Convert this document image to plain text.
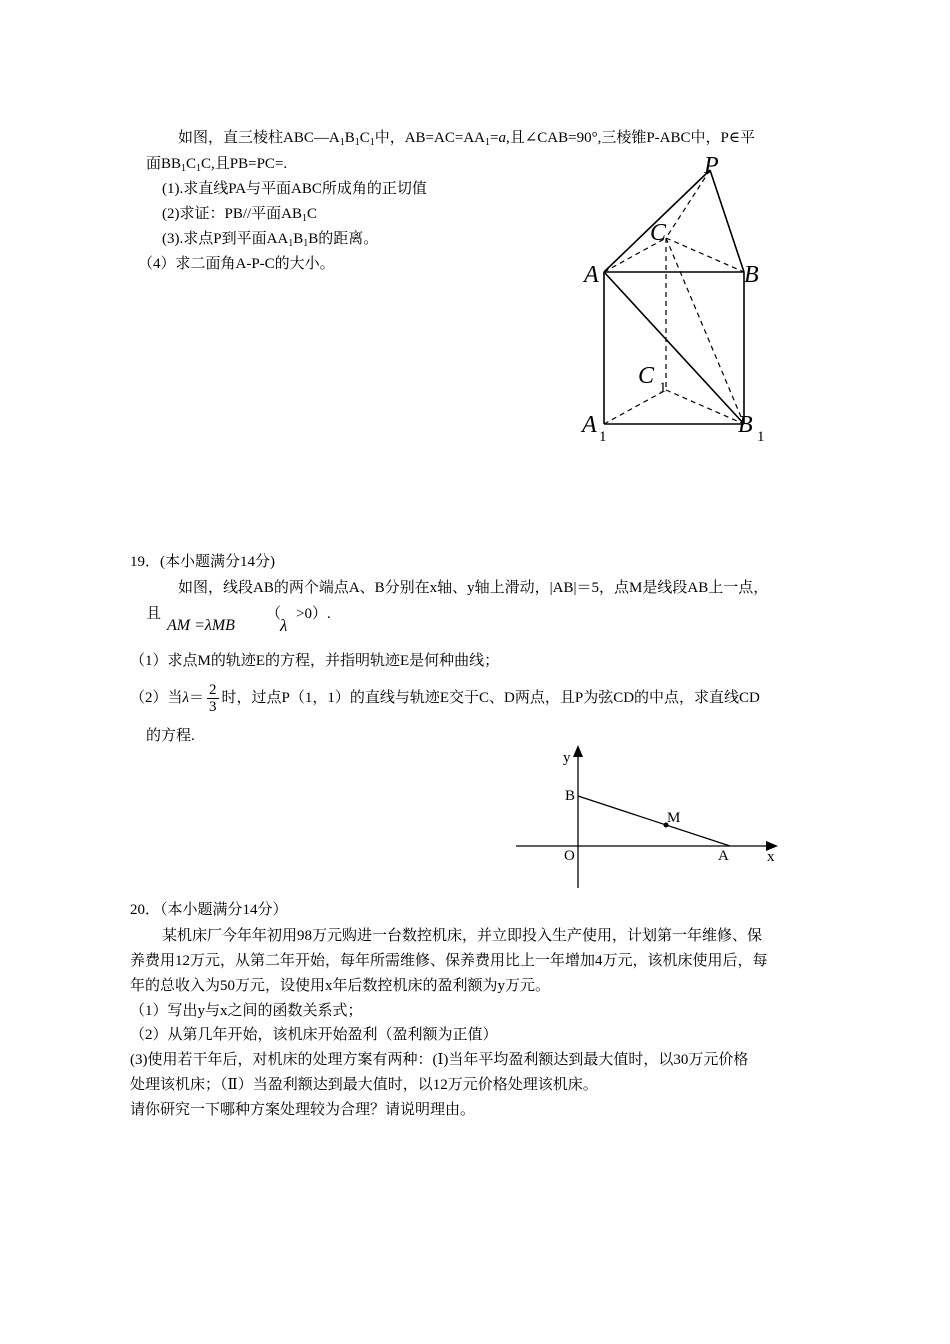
如图，直三棱柱$ABC—A_1B_1C_1$中，$AB=AC=AA_1=a$,且∠CAB=90°,三棱锥P-ABC中，P∈平
面$BB_1C_1C$,且PB=PC=.
(1).求直线PA与平面ABC所成角的正切值
(2)求证：PB//平面$AB_1C$
(3).求点P到平面$AA_1B_1B$的距离。
（4）求二面角A-P-C的大小。
P
C
A	B
C
A	B
1
1	1
19．(本小题满分14分)
如图，线段AB的两个端点A、B分别在x轴、y轴上滑动，|AB|＝5，点M是线段AB上一点，
且
AM =λMB
（
λ
>0）.
（1）求点M的轨迹E的方程，并指明轨迹E是何种曲线；
（2）当$\lambda= \frac{2}{3}$ 时，过点P（1，1）的直线与轨迹E交于C、D两点，且P为弦CD的中点，求直线CD
的方程.
y
B
M
O	A	x
20．（本小题满分14分）
某机床厂今年年初用98万元购进一台数控机床，并立即投入生产使用，计划第一年维修、保
养费用12万元，从第二年开始，每年所需维修、保养费用比上一年增加4万元，该机床使用后，每
年的总收入为50万元，设使用x年后数控机床的盈利额为y万元。
（1）写出y与x之间的函数关系式；
（2）从第几年开始，该机床开始盈利（盈利额为正值）
(3)使用若干年后，对机床的处理方案有两种：(Ⅰ)当年平均盈利额达到最大值时，以30万元价格
处理该机床；（Ⅱ）当盈利额达到最大值时，以12万元价格处理该机床。
请你研究一下哪种方案处理较为合理？请说明理由。
